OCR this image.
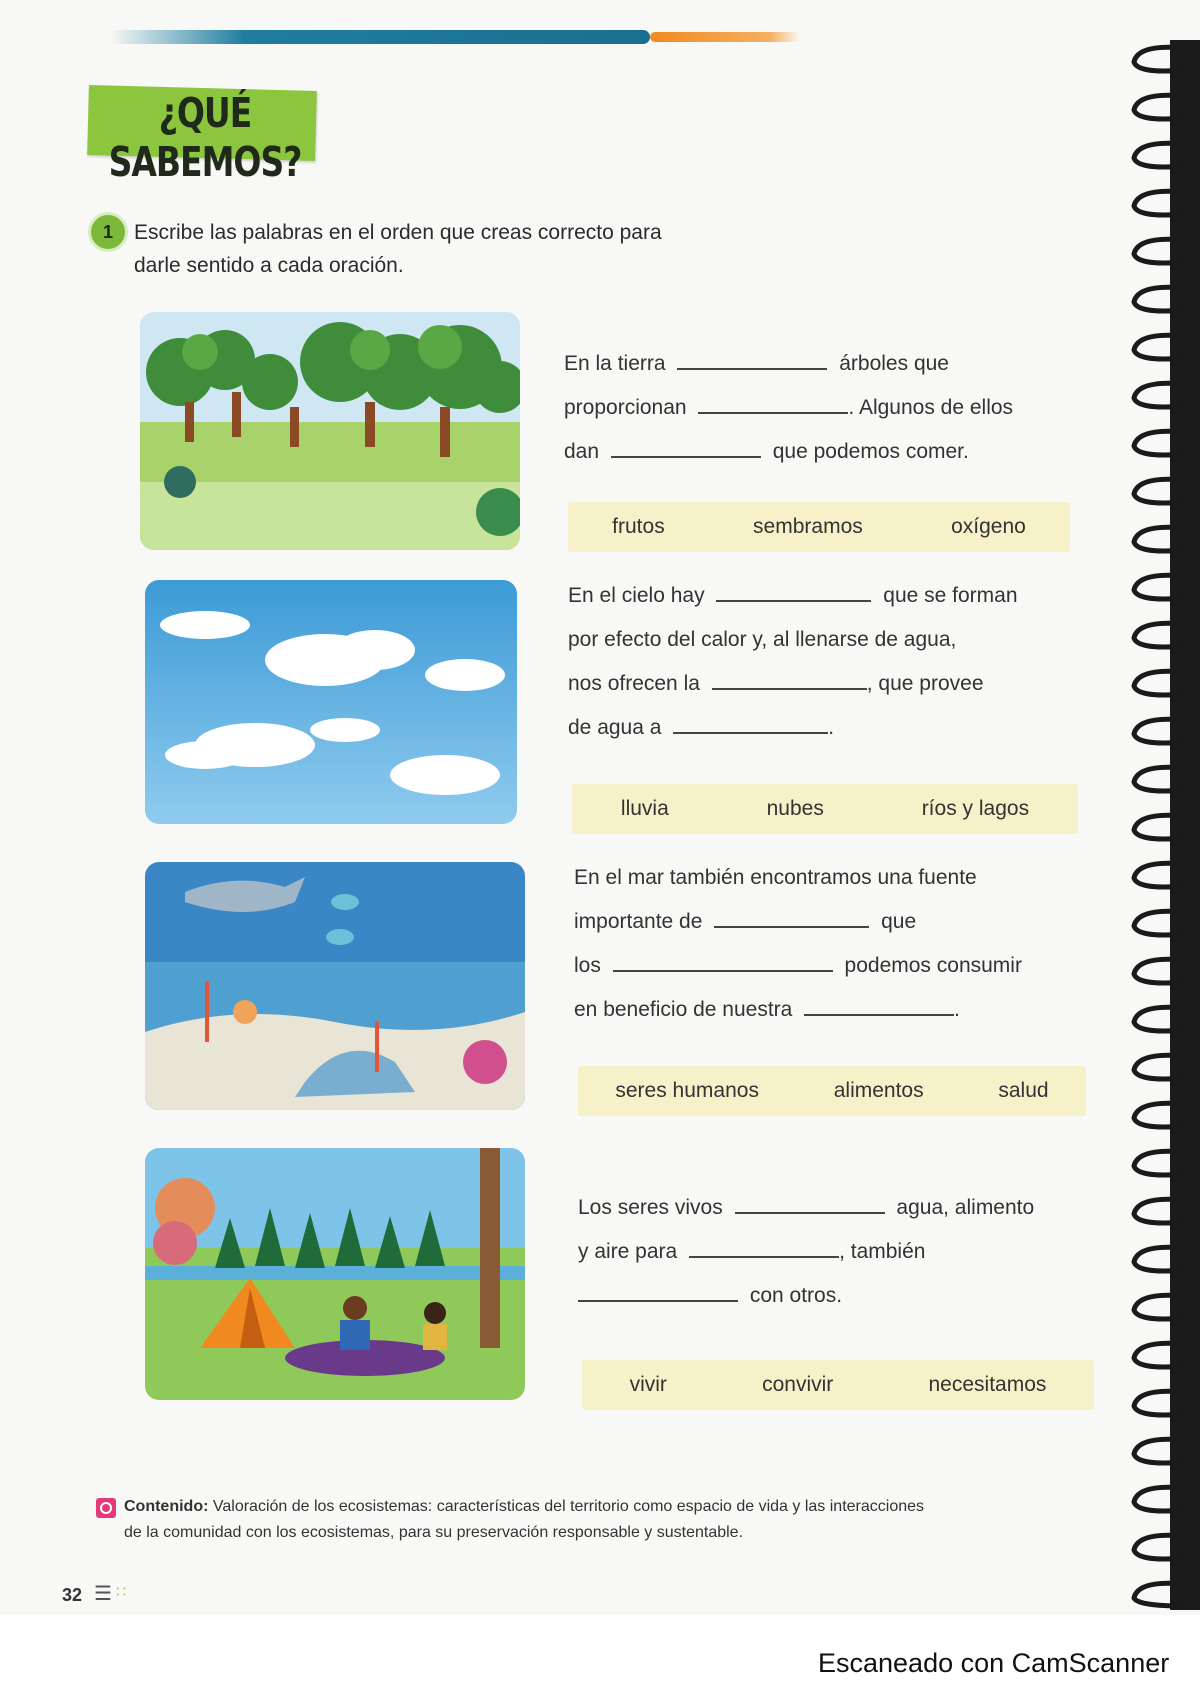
¿QUÉ SABEMOS?
1	Escribe las palabras en el orden que creas correcto para darle sentido a cada oración.
En la tierra	árboles que
proporcionan	. Algunos de ellos
dan	que podemos comer.
frutos	sembramos	oxígeno
En el cielo hay	que se forman
por efecto del calor y, al llenarse de agua,
nos ofrecen la	, que provee
de agua a	.
lluvia	nubes	ríos y lagos
En el mar también encontramos una fuente
importante de	que
los	podemos consumir
en beneficio de nuestra	.
seres humanos	alimentos	salud
Los seres vivos	agua, alimento
y aire para	, también
con otros.
vivir	convivir	necesitamos
Contenido: Valoración de los ecosistemas: características del territorio como espacio de vida y las interacciones de la comunidad con los ecosistemas, para su preservación responsable y sustentable.
32 ☰ ∷
Escaneado con CamScanner
